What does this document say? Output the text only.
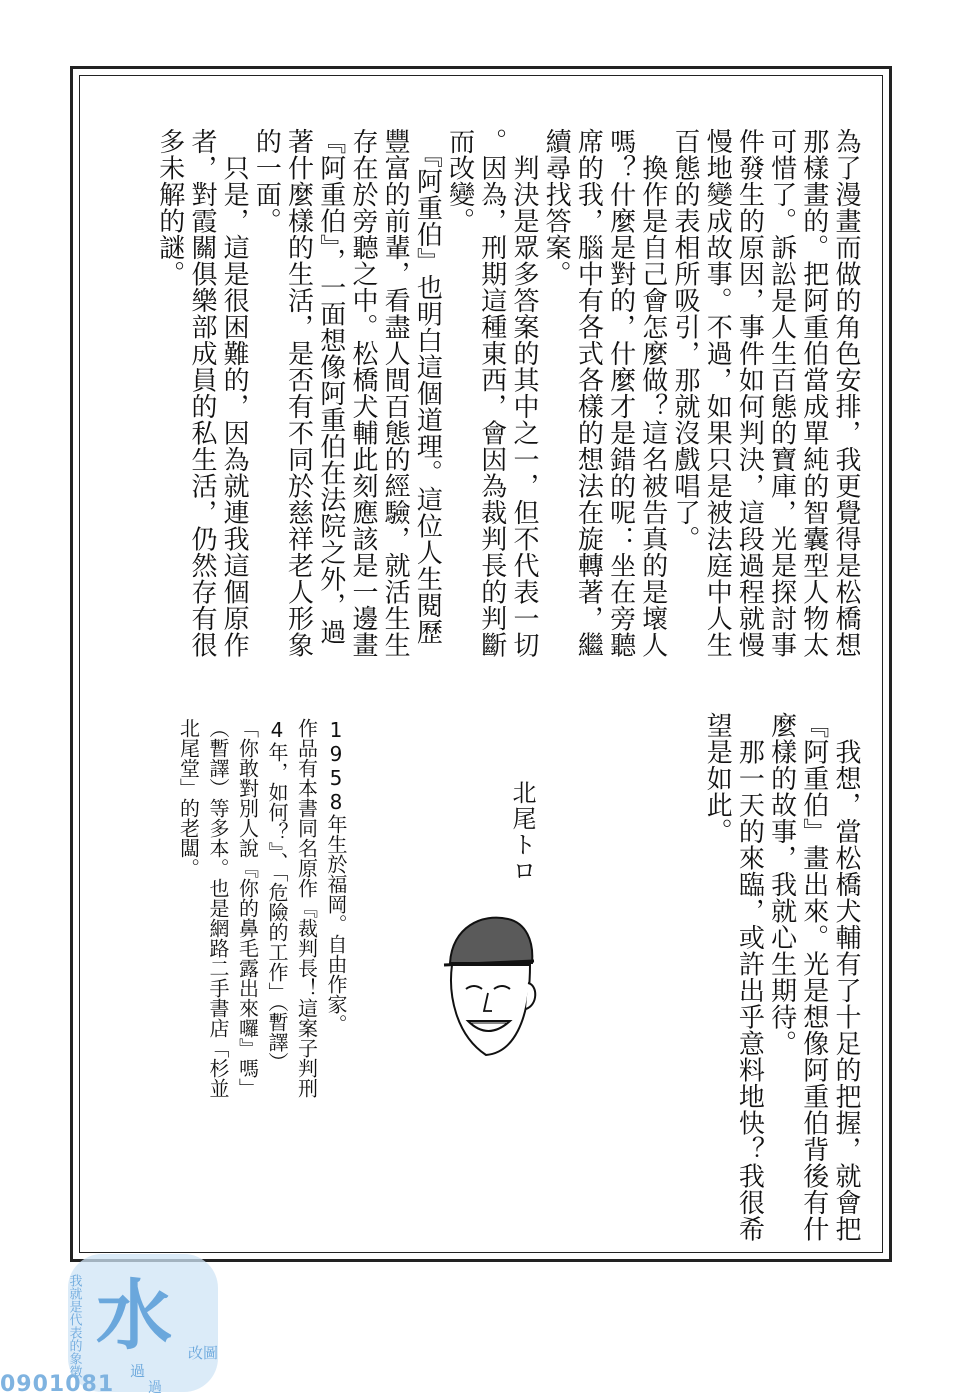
為了漫畫而做的角色安排，我更覺得是松橋想
那樣畫的。把阿重伯當成單純的智囊型人物太
可惜了。訴訟是人生百態的寶庫，光是探討事
件發生的原因，事件如何判決，這段過程就慢
慢地變成故事。不過，如果只是被法庭中人生
百態的表相所吸引，那就沒戲唱了。
　換作是自己會怎麼做？這名被告真的是壞人
嗎？什麼是對的，什麼才是錯的呢：坐在旁聽
席的我，腦中有各式各樣的想法在旋轉著，繼
續尋找答案。
　判決是眾多答案的其中之一，但不代表一切
。因為，刑期這種東西，會因為裁判長的判斷
而改變。
　『阿重伯』也明白這個道理。這位人生閱歷
豐富的前輩，看盡人間百態的經驗，就活生生
存在於旁聽之中。松橋犬輔此刻應該是一邊畫
『阿重伯』，一面想像阿重伯在法院之外，過
著什麼樣的生活，是否有不同於慈祥老人形象
的一面。
　只是，這是很困難的，因為就連我這個原作
者，對霞關俱樂部成員的私生活，仍然存有很
多未解的謎。
　我想，當松橋犬輔有了十足的把握，就會把
『阿重伯』畫出來。光是想像阿重伯背後有什
麼樣的故事，我就心生期待。
　那一天的來臨，或許出乎意料地快？我很希
望是如此。
北尾トロ
1958年生於福岡。自由作家。
作品有本書同名原作『裁判長！這案子判刑
4年，如何？』、「危險的工作」（暫譯）
「你敢對別人說『你的鼻毛露出來囉』嗎」
（暫譯）等多本。也是網路二手書店「杉並
北尾堂」的老闆。
水
我就是代表的象徵	改圖
過
過
0901081
